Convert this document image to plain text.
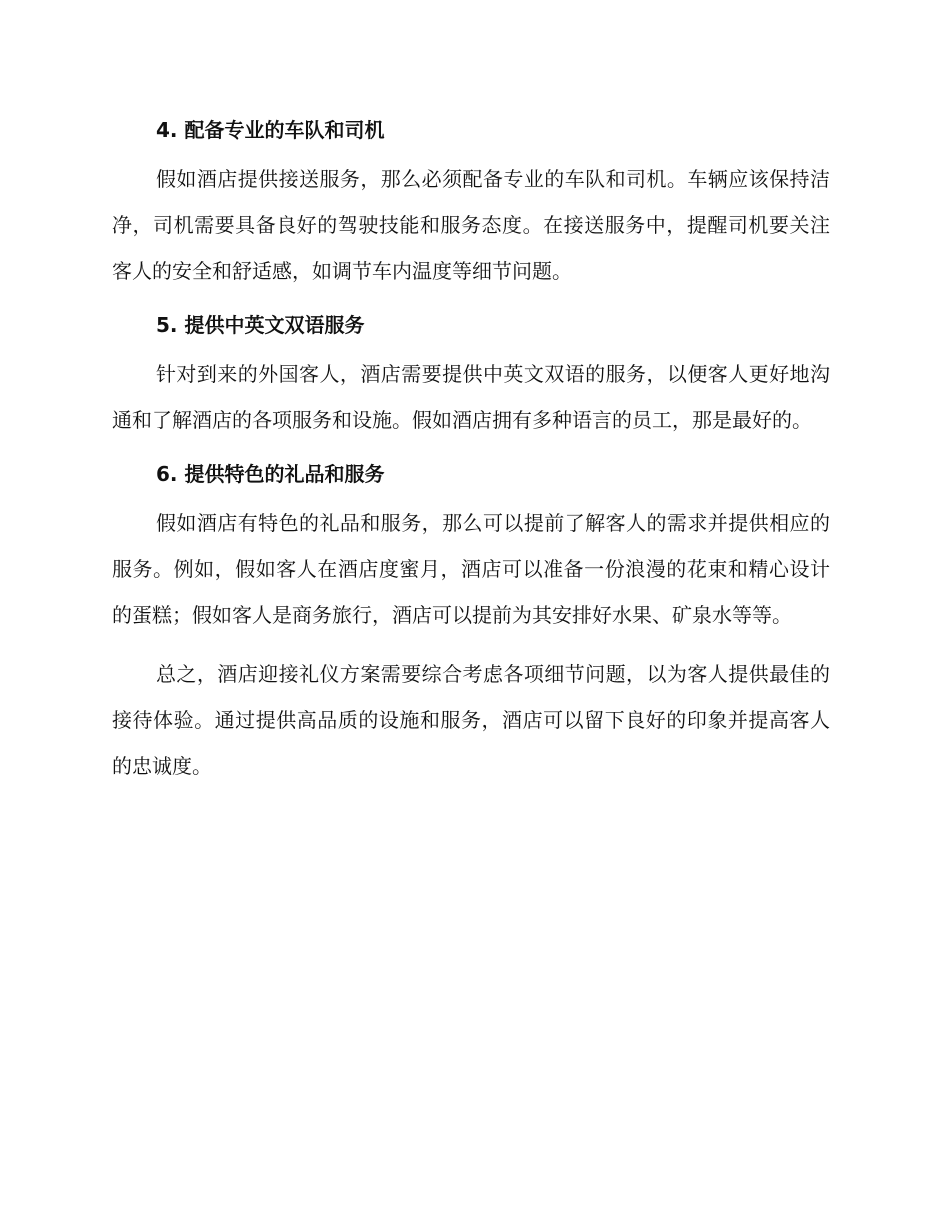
4. 配备专业的车队和司机

假如酒店提供接送服务，那么必须配备专业的车队和司机。车辆应该保持洁净，司机需要具备良好的驾驶技能和服务态度。在接送服务中，提醒司机要关注客人的安全和舒适感，如调节车内温度等细节问题。

5. 提供中英文双语服务

针对到来的外国客人，酒店需要提供中英文双语的服务，以便客人更好地沟通和了解酒店的各项服务和设施。假如酒店拥有多种语言的员工，那是最好的。

6. 提供特色的礼品和服务

假如酒店有特色的礼品和服务，那么可以提前了解客人的需求并提供相应的服务。例如，假如客人在酒店度蜜月，酒店可以准备一份浪漫的花束和精心设计的蛋糕；假如客人是商务旅行，酒店可以提前为其安排好水果、矿泉水等等。

总之，酒店迎接礼仪方案需要综合考虑各项细节问题，以为客人提供最佳的接待体验。通过提供高品质的设施和服务，酒店可以留下良好的印象并提高客人的忠诚度。
